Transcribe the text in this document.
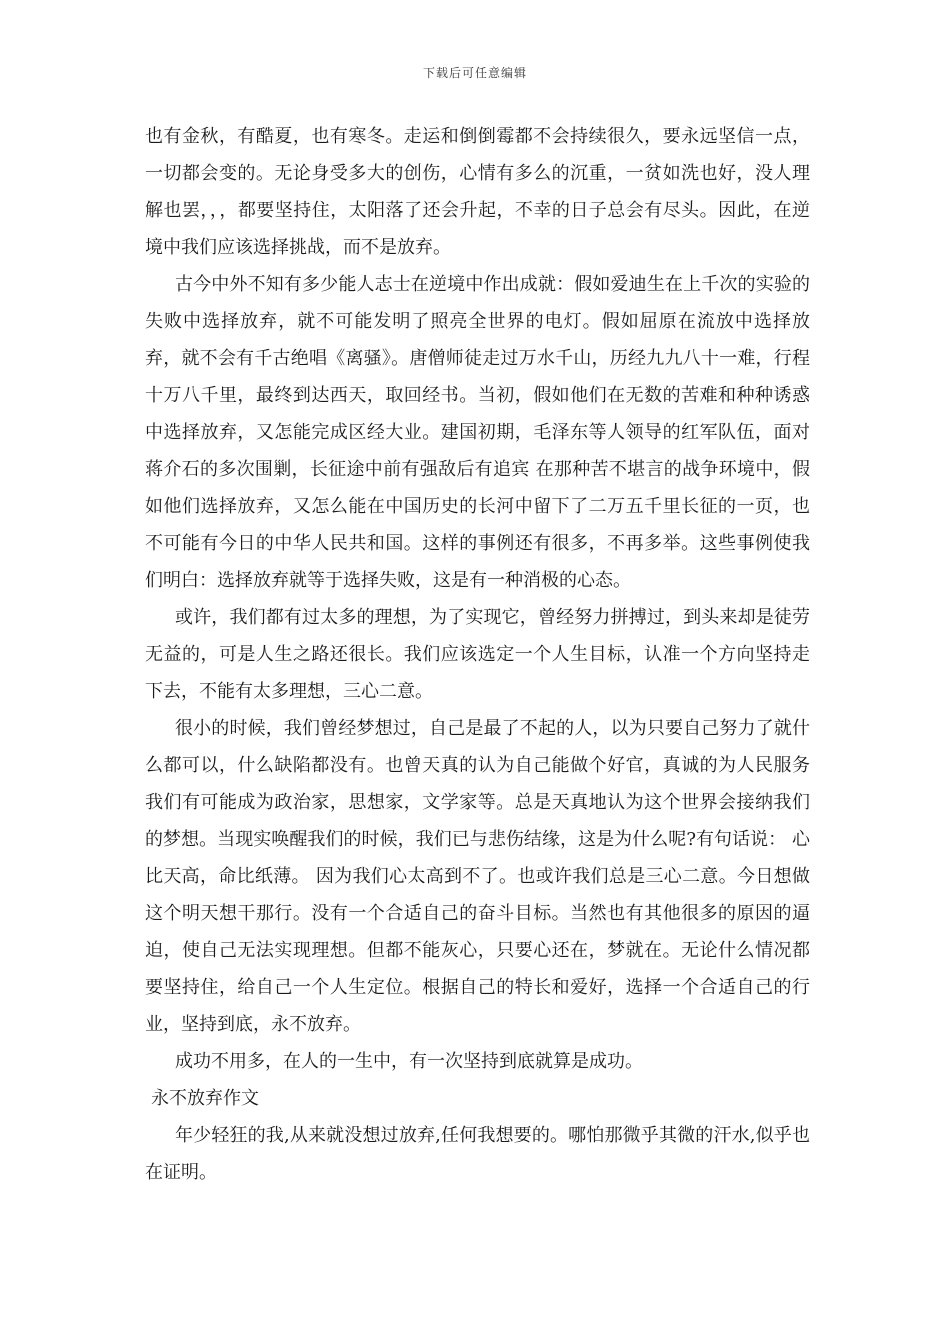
下载后可任意编辑

也有金秋，有酷夏，也有寒冬。走运和倒倒霉都不会持续很久，要永远坚信一点，一切都会变的。无论身受多大的创伤，心情有多么的沉重，一贫如洗也好，没人理解也罢，，，都要坚持住，太阳落了还会升起，不幸的日子总会有尽头。因此，在逆境中我们应该选择挑战，而不是放弃。

古今中外不知有多少能人志士在逆境中作出成就：假如爱迪生在上千次的实验的失败中选择放弃，就不可能发明了照亮全世界的电灯。假如屈原在流放中选择放弃，就不会有千古绝唱《离骚》。唐僧师徒走过万水千山，历经九九八十一难，行程十万八千里，最终到达西天，取回经书。当初，假如他们在无数的苦难和种种诱惑中选择放弃，又怎能完成区经大业。建国初期，毛泽东等人领导的红军队伍，面对蒋介石的多次围剿，长征途中前有强敌后有追宾 在那种苦不堪言的战争环境中，假如他们选择放弃，又怎么能在中国历史的长河中留下了二万五千里长征的一页，也不可能有今日的中华人民共和国。这样的事例还有很多，不再多举。这些事例使我们明白：选择放弃就等于选择失败，这是有一种消极的心态。

或许，我们都有过太多的理想，为了实现它，曾经努力拼搏过，到头来却是徒劳无益的，可是人生之路还很长。我们应该选定一个人生目标，认准一个方向坚持走下去，不能有太多理想，三心二意。

很小的时候，我们曾经梦想过，自己是最了不起的人，以为只要自己努力了就什么都可以，什么缺陷都没有。也曾天真的认为自己能做个好官，真诚的为人民服务 我们有可能成为政治家，思想家，文学家等。总是天真地认为这个世界会接纳我们的梦想。当现实唤醒我们的时候，我们已与悲伤结缘，这是为什么呢?有句话说： 心比天高，命比纸薄。 因为我们心太高到不了。也或许我们总是三心二意。今日想做这个明天想干那行。没有一个合适自己的奋斗目标。当然也有其他很多的原因的逼迫，使自己无法实现理想。但都不能灰心，只要心还在，梦就在。无论什么情况都要坚持住，给自己一个人生定位。根据自己的特长和爱好，选择一个合适自己的行业，坚持到底，永不放弃。

成功不用多，在人的一生中，有一次坚持到底就算是成功。

永不放弃作文

年少轻狂的我,从来就没想过放弃,任何我想要的。哪怕那微乎其微的汗水,似乎也在证明。
